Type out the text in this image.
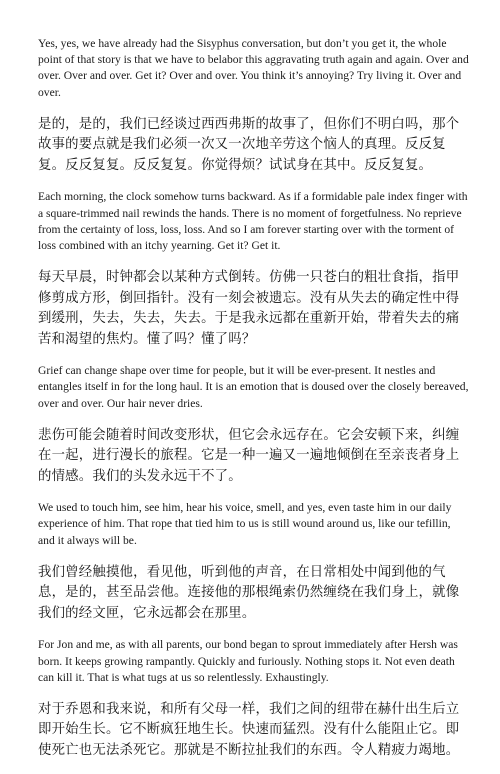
Yes, yes, we have already had the Sisyphus conversation, but don’t you get it, the whole point of that story is that we have to belabor this aggravating truth again and again. Over and over. Over and over. Get it? Over and over. You think it’s annoying? Try living it. Over and over.

是的，是的，我们已经谈过西西弗斯的故事了，但你们不明白吗，那个故事的要点就是我们必须一次又一次地辛劳这个恼人的真理。反反复复。反反复复。反反复复。你觉得烦？试试身在其中。反反复复。

Each morning, the clock somehow turns backward. As if a formidable pale index finger with a square-trimmed nail rewinds the hands. There is no moment of forgetfulness. No reprieve from the certainty of loss, loss, loss. And so I am forever starting over with the torment of loss combined with an itchy yearning. Get it? Get it.

每天早晨，时钟都会以某种方式倒转。仿佛一只苍白的粗壮食指，指甲修剪成方形，倒回指针。没有一刻会被遗忘。没有从失去的确定性中得到缓刑，失去，失去，失去。于是我永远都在重新开始，带着失去的痛苦和渴望的焦灼。懂了吗？懂了吗？

Grief can change shape over time for people, but it will be ever-present. It nestles and entangles itself in for the long haul. It is an emotion that is doused over the closely bereaved, over and over. Our hair never dries.

悲伤可能会随着时间改变形状，但它会永远存在。它会安顿下来，纠缠在一起，进行漫长的旅程。它是一种一遍又一遍地倾倒在至亲丧者身上的情感。我们的头发永远干不了。

We used to touch him, see him, hear his voice, smell, and yes, even taste him in our daily experience of him. That rope that tied him to us is still wound around us, like our tefillin, and it always will be.

我们曾经触摸他，看见他，听到他的声音，在日常相处中闻到他的气息，是的，甚至品尝他。连接他的那根绳索仍然缠绕在我们身上，就像我们的经文匣，它永远都会在那里。

For Jon and me, as with all parents, our bond began to sprout immediately after Hersh was born. It keeps growing rampantly. Quickly and furiously. Nothing stops it. Not even death can kill it. That is what tugs at us so relentlessly. Exhaustingly.

对于乔恩和我来说，和所有父母一样，我们之间的纽带在赫什出生后立即开始生长。它不断疯狂地生长。快速而猛烈。没有什么能阻止它。即使死亡也无法杀死它。那就是不断拉扯我们的东西。令人精疲力竭地。
